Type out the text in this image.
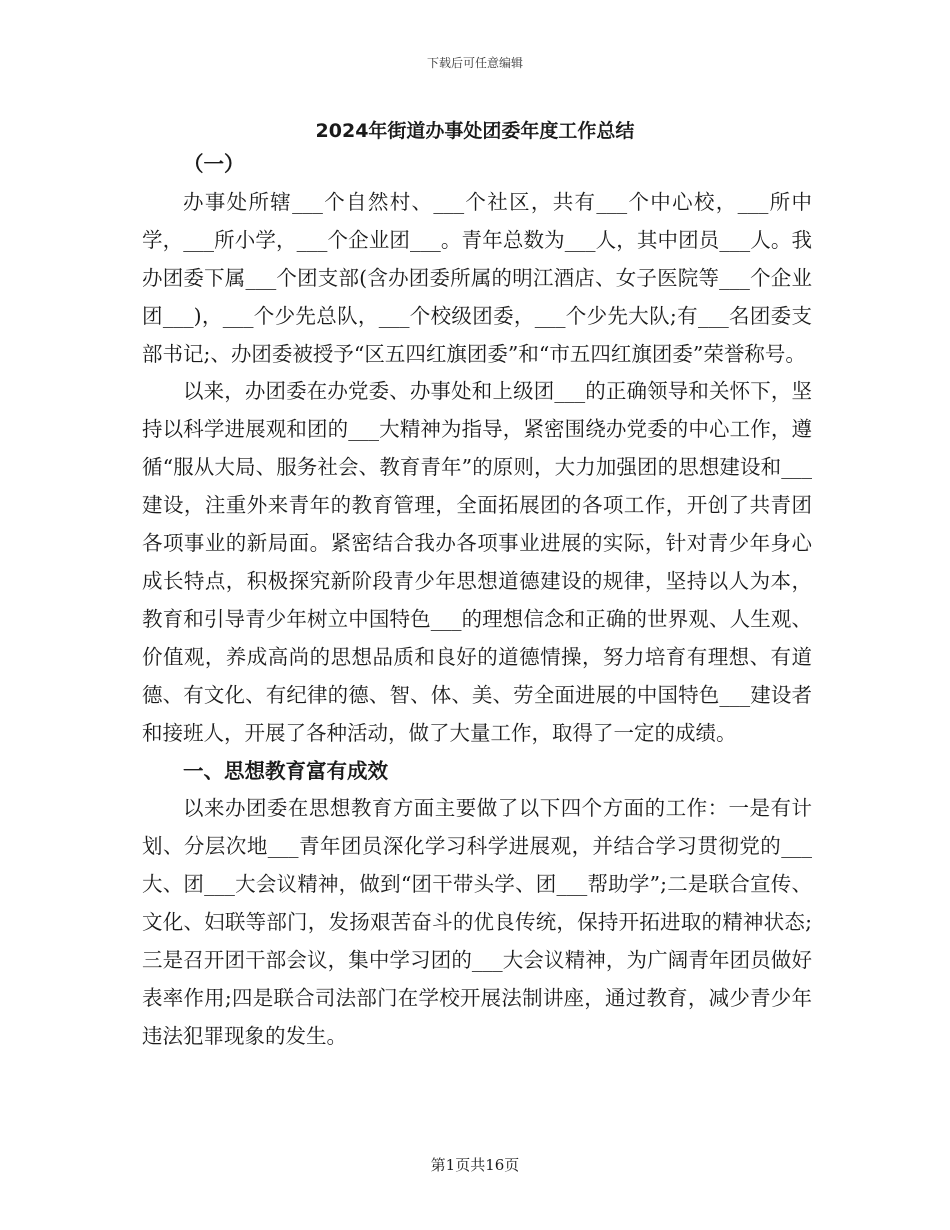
下载后可任意编辑
2024年街道办事处团委年度工作总结

（一）

办事处所辖___个自然村、___个社区，共有___个中心校，___所中学，___所小学，___个企业团___。青年总数为___人，其中团员___人。我办团委下属___个团支部(含办团委所属的明江酒店、女子医院等___个企业团___)，___个少先总队，___个校级团委，___个少先大队;有___名团委支部书记;、办团委被授予“区五四红旗团委”和“市五四红旗团委”荣誉称号。

以来，办团委在办党委、办事处和上级团___的正确领导和关怀下，坚持以科学进展观和团的___大精神为指导，紧密围绕办党委的中心工作，遵循“服从大局、服务社会、教育青年”的原则，大力加强团的思想建设和___建设，注重外来青年的教育管理，全面拓展团的各项工作，开创了共青团各项事业的新局面。紧密结合我办各项事业进展的实际，针对青少年身心成长特点，积极探究新阶段青少年思想道德建设的规律，坚持以人为本，教育和引导青少年树立中国特色___的理想信念和正确的世界观、人生观、价值观，养成高尚的思想品质和良好的道德情操，努力培育有理想、有道德、有文化、有纪律的德、智、体、美、劳全面进展的中国特色___建设者和接班人，开展了各种活动，做了大量工作，取得了一定的成绩。

一、思想教育富有成效

以来办团委在思想教育方面主要做了以下四个方面的工作：一是有计划、分层次地___青年团员深化学习科学进展观，并结合学习贯彻党的___大、团___大会议精神，做到“团干带头学、团___帮助学”;二是联合宣传、文化、妇联等部门，发扬艰苦奋斗的优良传统，保持开拓进取的精神状态;三是召开团干部会议，集中学习团的___大会议精神，为广阔青年团员做好表率作用;四是联合司法部门在学校开展法制讲座，通过教育，减少青少年违法犯罪现象的发生。

第1页共16页
